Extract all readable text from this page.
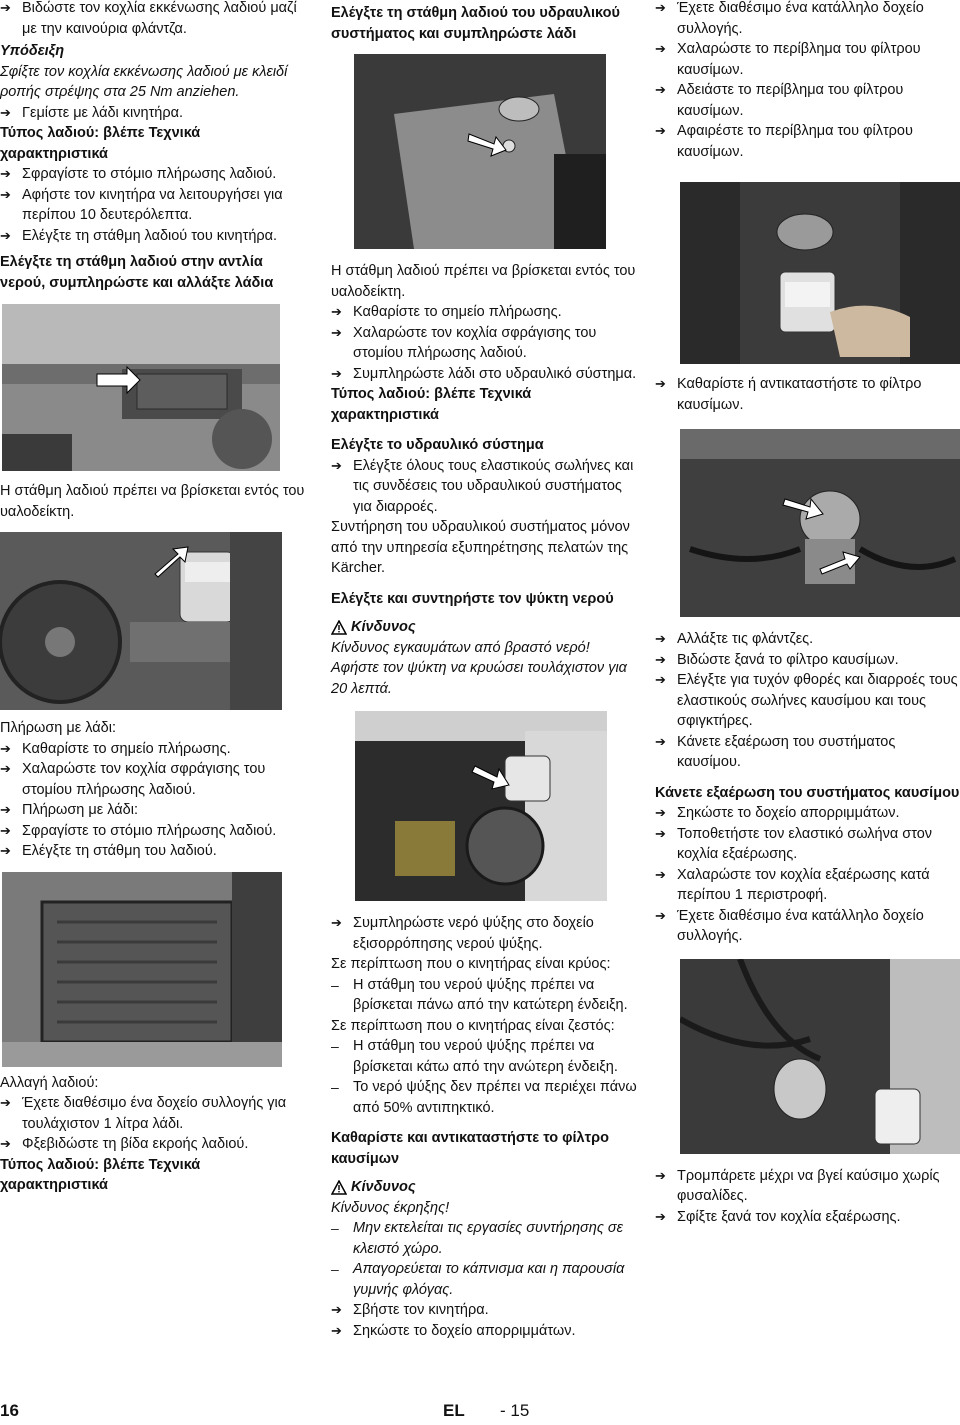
➔ Βιδώστε τον κοχλία εκκένωσης λαδιού μαζί με την καινούρια φλάντζα.

Υπόδειξη

Σφίξτε τον κοχλία εκκένωσης λαδιού με κλειδί ροπής στρέψης στα 25 Nm anziehen.

➔ Γεμίστε με λάδι κινητήρα.

Τύπος λαδιού: βλέπε Τεχνικά χαρακτηριστικά

➔ Σφραγίστε το στόμιο πλήρωσης λαδιού.
➔ Αφήστε τον κινητήρα να λειτουργήσει για περίπου 10 δευτερόλεπτα.
➔ Ελέγξτε τη στάθμη λαδιού του κινητήρα.

Ελέγξτε τη στάθμη λαδιού στην αντλία νερού, συμπληρώστε και αλλάξτε λάδια

Η στάθμη λαδιού πρέπει να βρίσκεται εντός του υαλοδείκτη.

Πλήρωση με λάδι:

➔ Καθαρίστε το σημείο πλήρωσης.
➔ Χαλαρώστε τον κοχλία σφράγισης του στομίου πλήρωσης λαδιού.
➔ Πλήρωση με λάδι:
➔ Σφραγίστε το στόμιο πλήρωσης λαδιού.
➔ Ελέγξτε τη στάθμη του λαδιού.

Αλλαγή λαδιού:

➔ Έχετε διαθέσιμο ένα δοχείο συλλογής για τουλάχιστον 1 λίτρα λάδι.
➔ Φξεβιδώστε τη βίδα εκροής λαδιού.

Τύπος λαδιού: βλέπε Τεχνικά χαρακτηριστικά

Ελέγξτε τη στάθμη λαδιού του υδραυλικού συστήματος και συμπληρώστε λάδι

Η στάθμη λαδιού πρέπει να βρίσκεται εντός του υαλοδείκτη.

➔ Καθαρίστε το σημείο πλήρωσης.
➔ Χαλαρώστε τον κοχλία σφράγισης του στομίου πλήρωσης λαδιού.
➔ Συμπληρώστε λάδι στο υδραυλικό σύστημα.

Τύπος λαδιού: βλέπε Τεχνικά χαρακτηριστικά

Ελέγξτε το υδραυλικό σύστημα

➔ Ελέγξτε όλους τους ελαστικούς σωλήνες και τις συνδέσεις του υδραυλικού συστήματος για διαρροές.

Συντήρηση του υδραυλικού συστήματος μόνον από την υπηρεσία εξυπηρέτησης πελατών της Kärcher.

Ελέγξτε και συντηρήστε τον ψύκτη νερού

Κίνδυνος

Κίνδυνος εγκαυμάτων από βραστό νερό! Αφήστε τον ψύκτη να κρυώσει τουλάχιστον για 20 λεπτά.

➔ Συμπληρώστε νερό ψύξης στο δοχείο εξισορρόπησης νερού ψύξης.

Σε περίπτωση που ο κινητήρας είναι κρύος:

– Η στάθμη του νερού ψύξης πρέπει να βρίσκεται πάνω από την κατώτερη ένδειξη.

Σε περίπτωση που ο κινητήρας είναι ζεστός:

– Η στάθμη του νερού ψύξης πρέπει να βρίσκεται κάτω από την ανώτερη ένδειξη.
– Το νερό ψύξης δεν πρέπει να περιέχει πάνω από 50% αντιπηκτικό.

Καθαρίστε και αντικαταστήστε το φίλτρο καυσίμων

Κίνδυνος

Κίνδυνος έκρηξης!

– Μην εκτελείται τις εργασίες συντήρησης σε κλειστό χώρο.
– Απαγορεύεται το κάπνισμα και η παρουσία γυμνής φλόγας.
➔ Σβήστε τον κινητήρα.
➔ Σηκώστε το δοχείο απορριμμάτων.
➔ Έχετε διαθέσιμο ένα κατάλληλο δοχείο συλλογής.
➔ Χαλαρώστε το περίβλημα του φίλτρου καυσίμων.
➔ Αδειάστε το περίβλημα του φίλτρου καυσίμων.
➔ Αφαιρέστε το περίβλημα του φίλτρου καυσίμων.
➔ Καθαρίστε ή αντικαταστήστε το φίλτρο καυσίμων.
➔ Αλλάξτε τις φλάντζες.
➔ Βιδώστε ξανά το φίλτρο καυσίμων.
➔ Ελέγξτε για τυχόν φθορές και διαρροές τους ελαστικούς σωλήνες καυσίμου και τους σφιγκτήρες.
➔ Κάνετε εξαέρωση του συστήματος καυσίμου.

Κάνετε εξαέρωση του συστήματος καυσίμου

➔ Σηκώστε το δοχείο απορριμμάτων.
➔ Τοποθετήστε τον ελαστικό σωλήνα στον κοχλία εξαέρωσης.
➔ Χαλαρώστε τον κοχλία εξαέρωσης κατά περίπου 1 περιστροφή.
➔ Έχετε διαθέσιμο ένα κατάλληλο δοχείο συλλογής.
➔ Τρομπάρετε μέχρι να βγεί καύσιμο χωρίς φυσαλίδες.
➔ Σφίξτε ξανά τον κοχλία εξαέρωσης.
16	EL - 15
